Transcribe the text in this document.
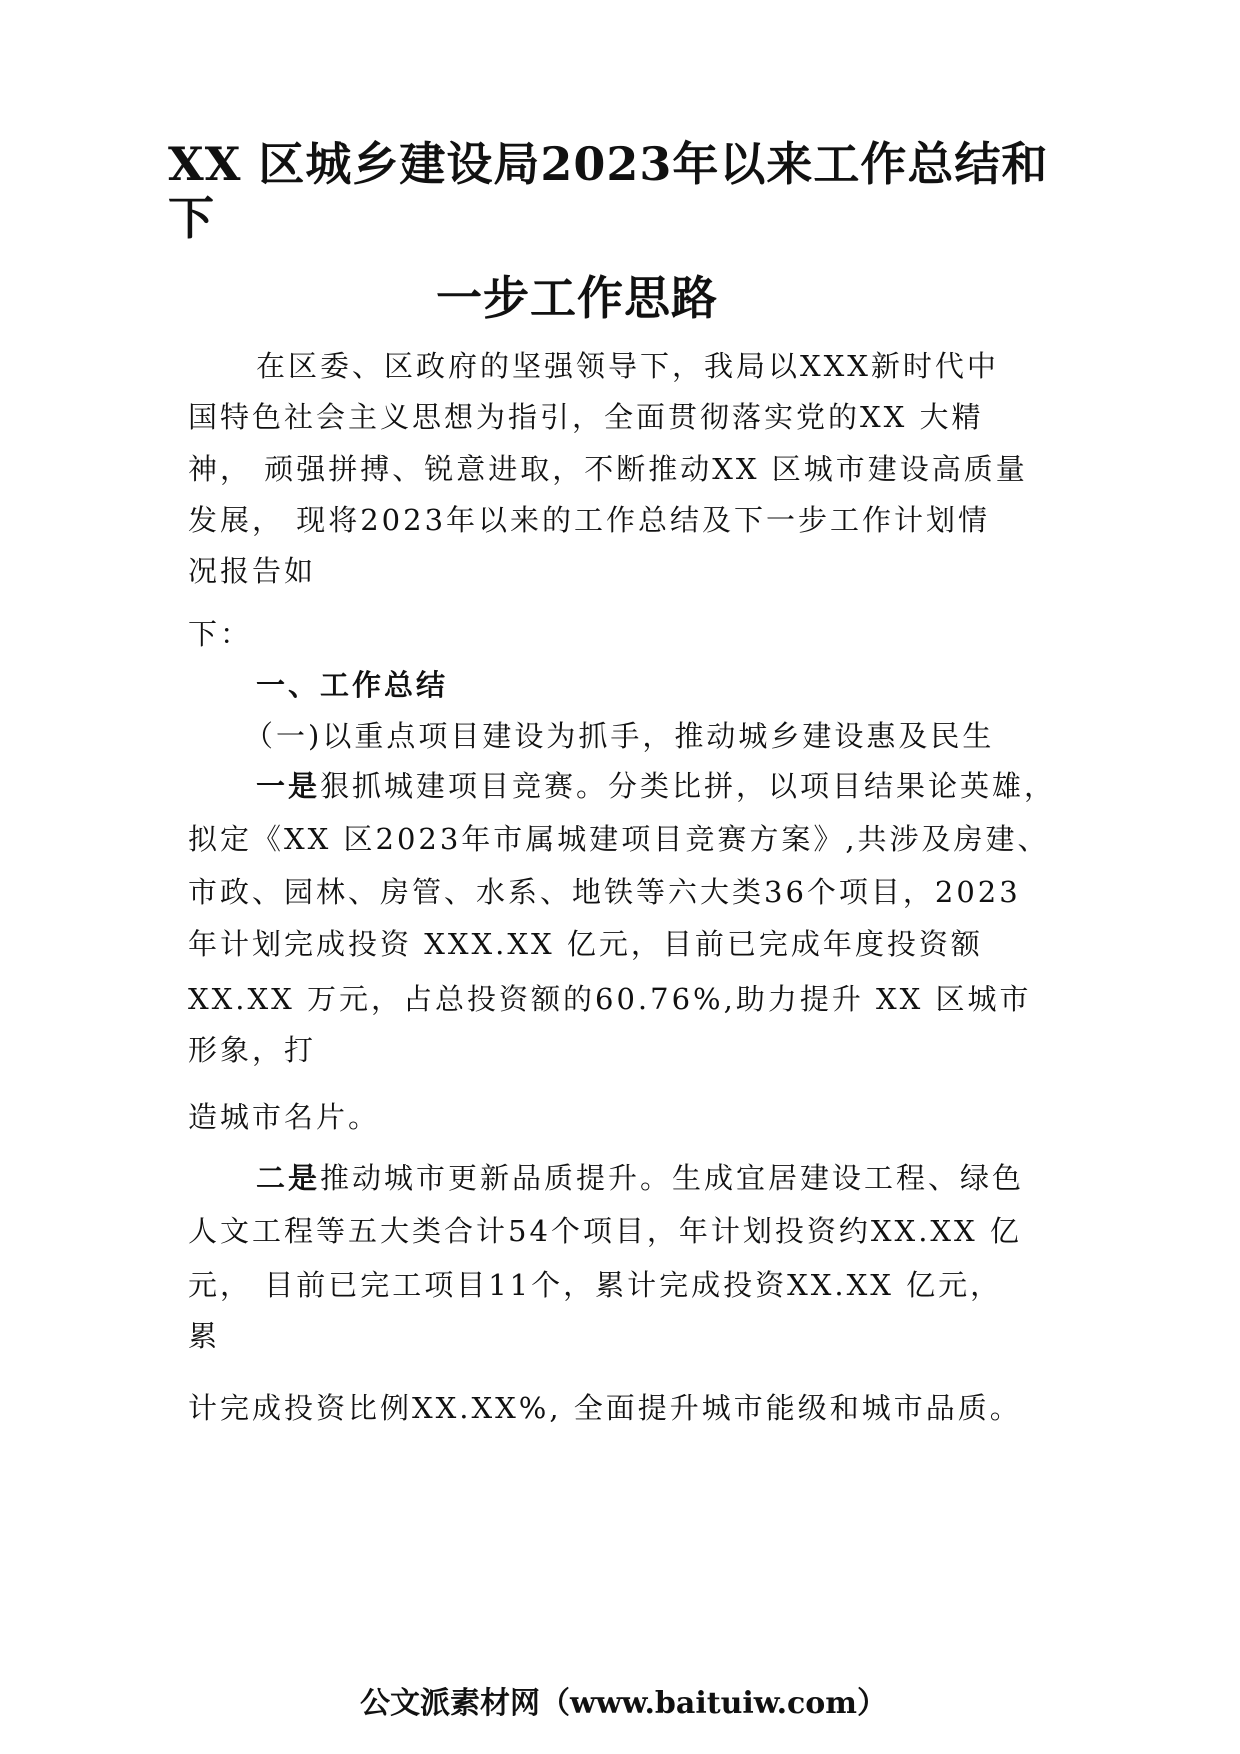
XX 区城乡建设局2023年以来工作总结和
下
一步工作思路
在区委、区政府的坚强领导下，我局以XXX新时代中
国特色社会主义思想为指引，全面贯彻落实党的XX 大精
神， 顽强拼搏、锐意进取，不断推动XX 区城市建设高质量
发展， 现将2023年以来的工作总结及下一步工作计划情
况报告如
下：
一、工作总结
（一)以重点项目建设为抓手，推动城乡建设惠及民生
一是狠抓城建项目竞赛。分类比拼，以项目结果论英雄，
拟定《XX 区2023年市属城建项目竞赛方案》,共涉及房建、
市政、园林、房管、水系、地铁等六大类36个项目，2023
年计划完成投资 XXX.XX 亿元，目前已完成年度投资额
XX.XX 万元，占总投资额的60.76%,助力提升 XX 区城市
形象，打
造城市名片。
二是推动城市更新品质提升。生成宜居建设工程、绿色
人文工程等五大类合计54个项目，年计划投资约XX.XX 亿
元， 目前已完工项目11个，累计完成投资XX.XX 亿元，
累
计完成投资比例XX.XX%, 全面提升城市能级和城市品质。
公文派素材网（www.baituiw.com）
